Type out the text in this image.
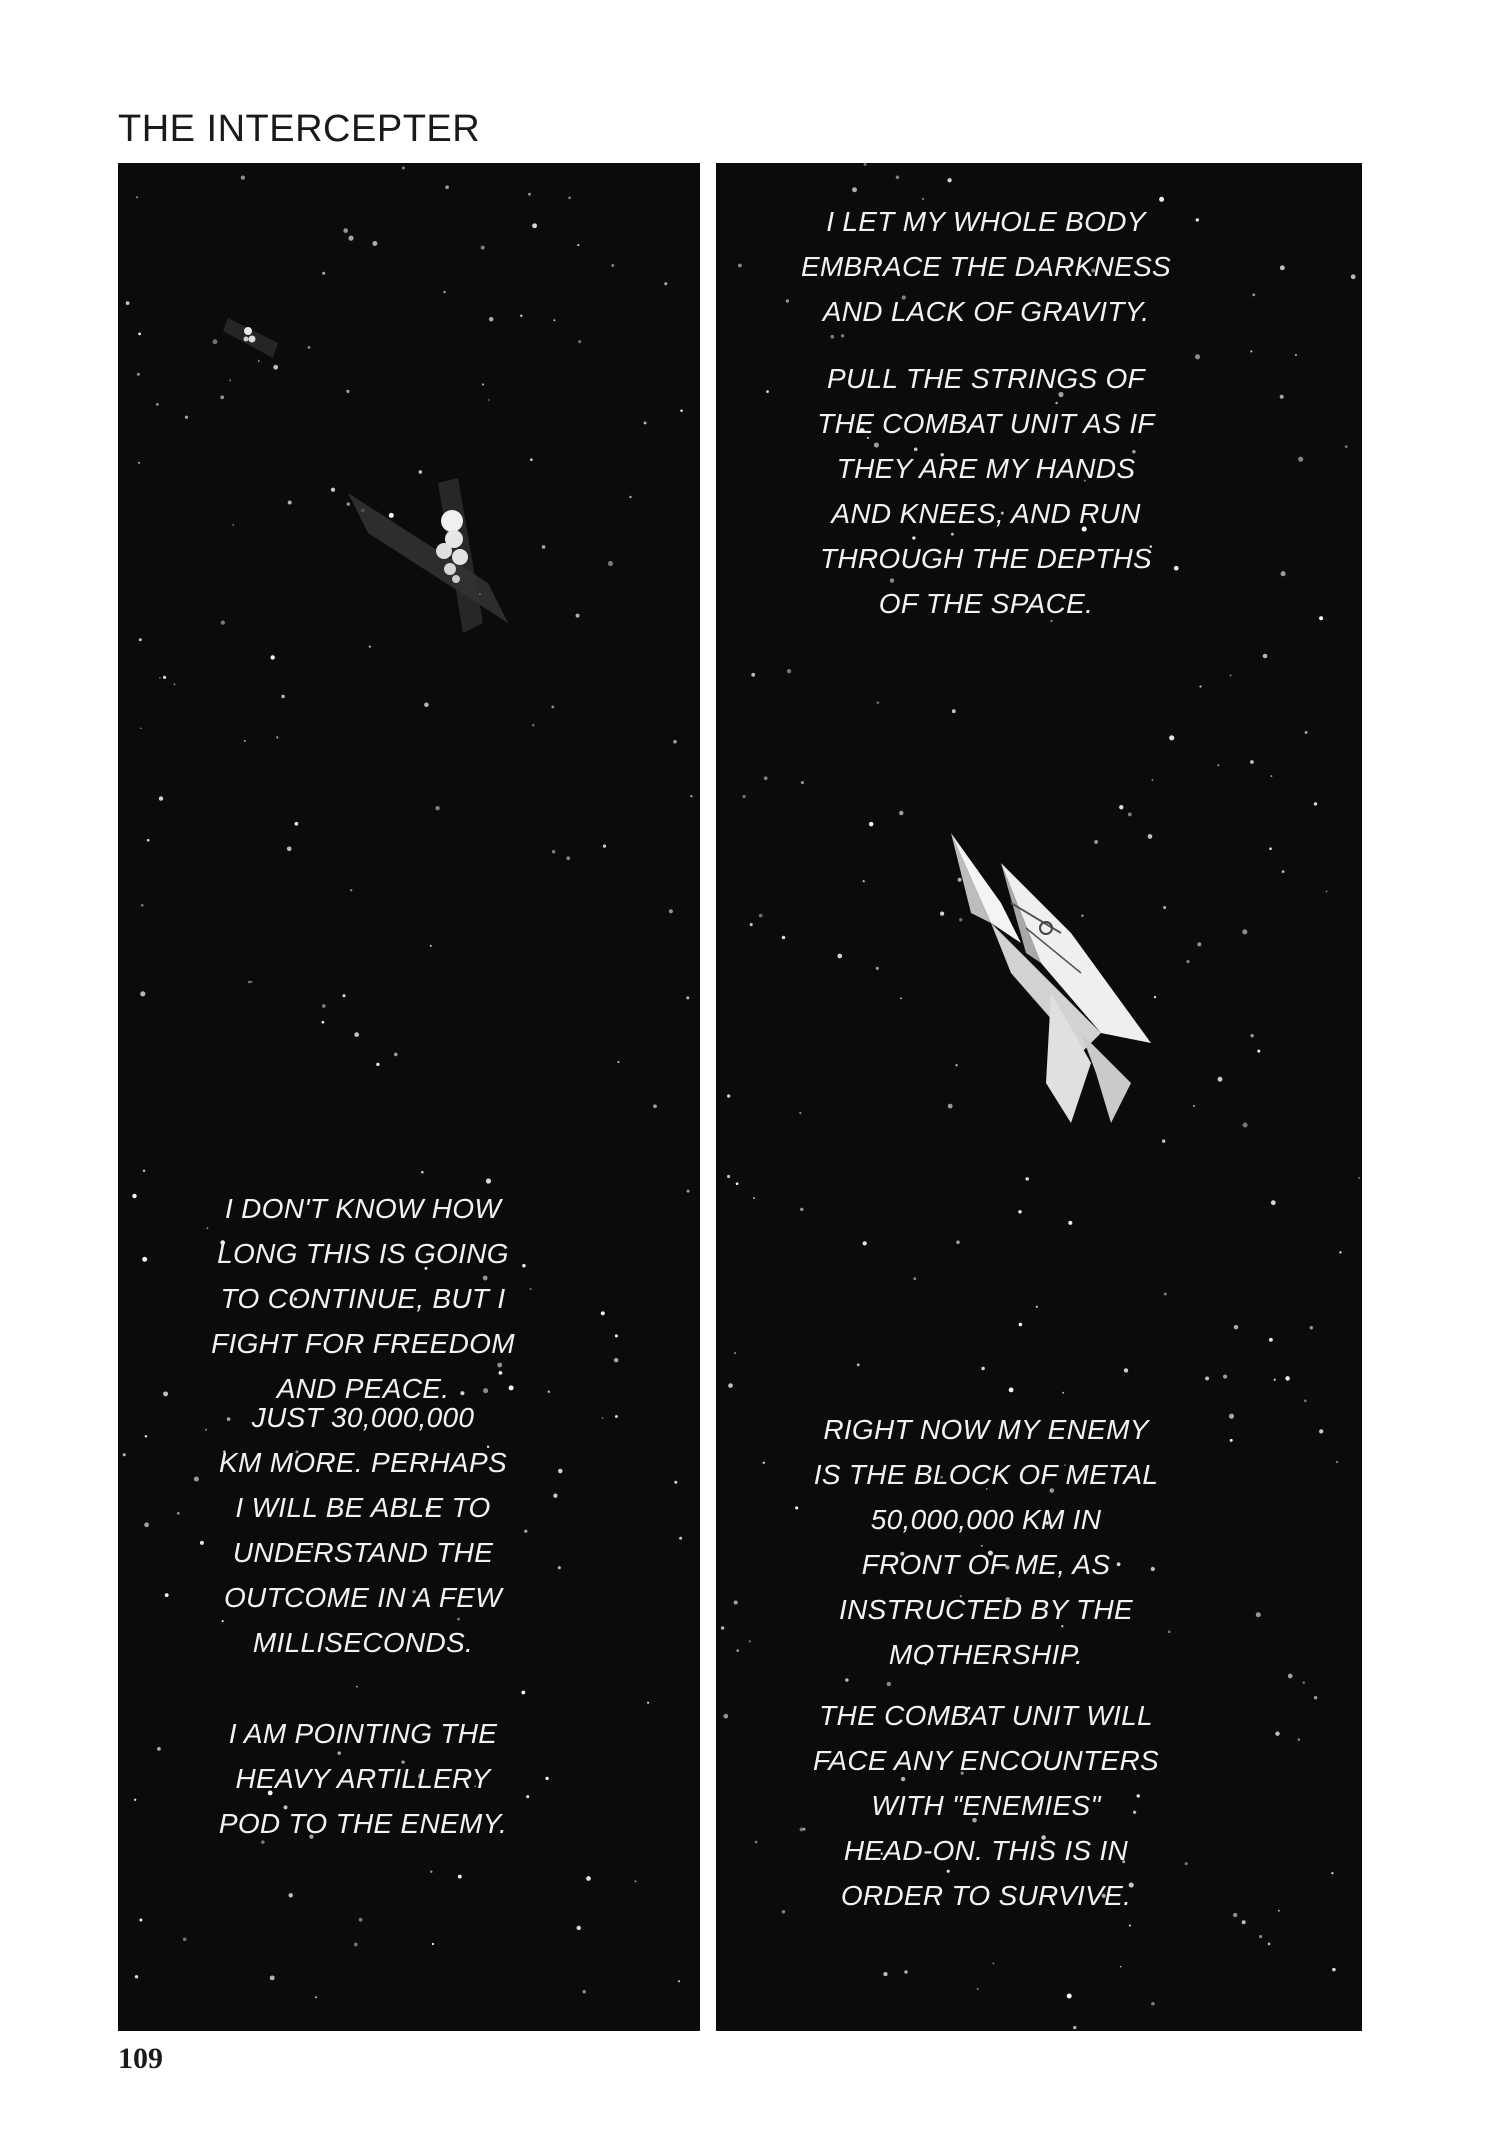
THE INTERCEPTER
I DON'T KNOW HOW
LONG THIS IS GOING
TO CONTINUE, BUT I
FIGHT FOR FREEDOM
AND PEACE.
JUST 30,000,000
KM MORE. PERHAPS
I WILL BE ABLE TO
UNDERSTAND THE
OUTCOME IN A FEW
MILLISECONDS.
I AM POINTING THE
HEAVY ARTILLERY
POD TO THE ENEMY.
I LET MY WHOLE BODY
EMBRACE THE DARKNESS
AND LACK OF GRAVITY.
PULL THE STRINGS OF
THE COMBAT UNIT AS IF
THEY ARE MY HANDS
AND KNEES, AND RUN
THROUGH THE DEPTHS
OF THE SPACE.
RIGHT NOW MY ENEMY
IS THE BLOCK OF METAL
50,000,000 KM IN
FRONT OF ME, AS
INSTRUCTED BY THE
MOTHERSHIP.
THE COMBAT UNIT WILL
FACE ANY ENCOUNTERS
WITH "ENEMIES"
HEAD-ON. THIS IS IN
ORDER TO SURVIVE.

109
